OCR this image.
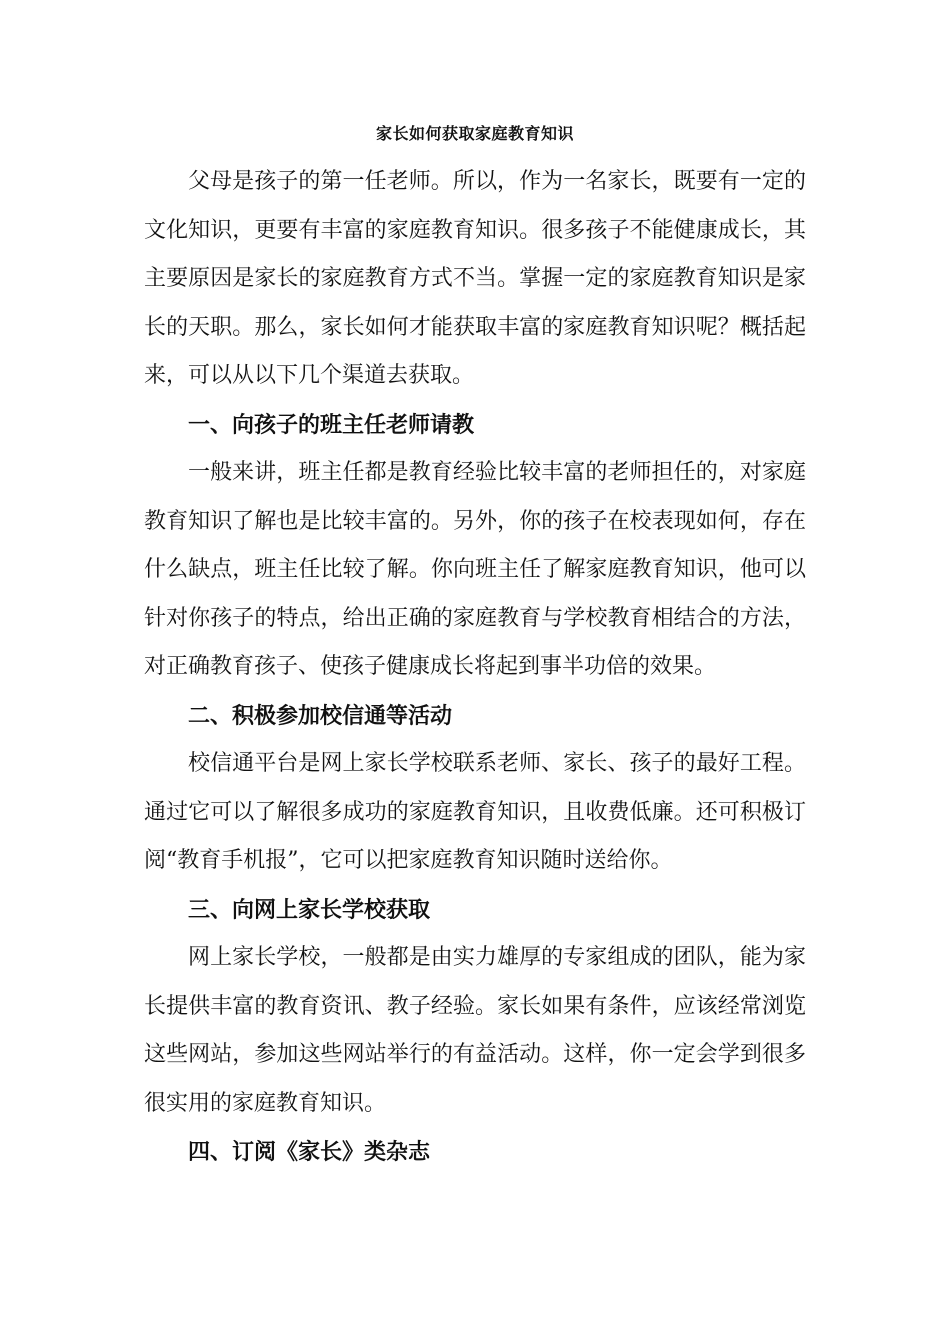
家长如何获取家庭教育知识

父母是孩子的第一任老师。所以，作为一名家长，既要有一定的文化知识，更要有丰富的家庭教育知识。很多孩子不能健康成长，其主要原因是家长的家庭教育方式不当。掌握一定的家庭教育知识是家长的天职。那么，家长如何才能获取丰富的家庭教育知识呢？概括起来，可以从以下几个渠道去获取。

一、向孩子的班主任老师请教

一般来讲，班主任都是教育经验比较丰富的老师担任的，对家庭教育知识了解也是比较丰富的。另外，你的孩子在校表现如何，存在什么缺点，班主任比较了解。你向班主任了解家庭教育知识，他可以针对你孩子的特点，给出正确的家庭教育与学校教育相结合的方法，对正确教育孩子、使孩子健康成长将起到事半功倍的效果。

二、积极参加校信通等活动

校信通平台是网上家长学校联系老师、家长、孩子的最好工程。通过它可以了解很多成功的家庭教育知识，且收费低廉。还可积极订阅“教育手机报”，它可以把家庭教育知识随时送给你。

三、向网上家长学校获取

网上家长学校，一般都是由实力雄厚的专家组成的团队，能为家长提供丰富的教育资讯、教子经验。家长如果有条件，应该经常浏览这些网站，参加这些网站举行的有益活动。这样，你一定会学到很多很实用的家庭教育知识。

四、订阅《家长》类杂志
